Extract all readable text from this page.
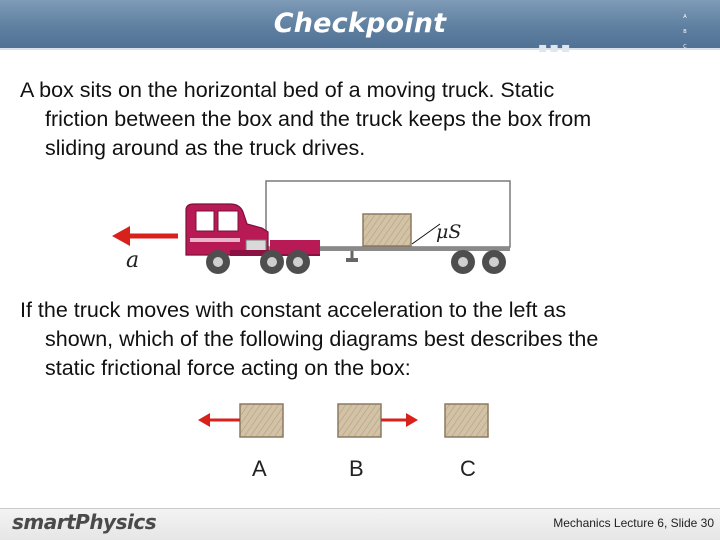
Checkpoint
▪▪▪
A
B
C
A box sits on the horizontal bed of a moving truck. Static
friction between the box and the truck keeps the box from
sliding around as the truck drives.
a
μS
If the truck moves with constant acceleration to the left as
shown, which of the following diagrams best describes the
static frictional force acting on the box:
A	B	C
smartPhysics	Mechanics Lecture 6, Slide 30
